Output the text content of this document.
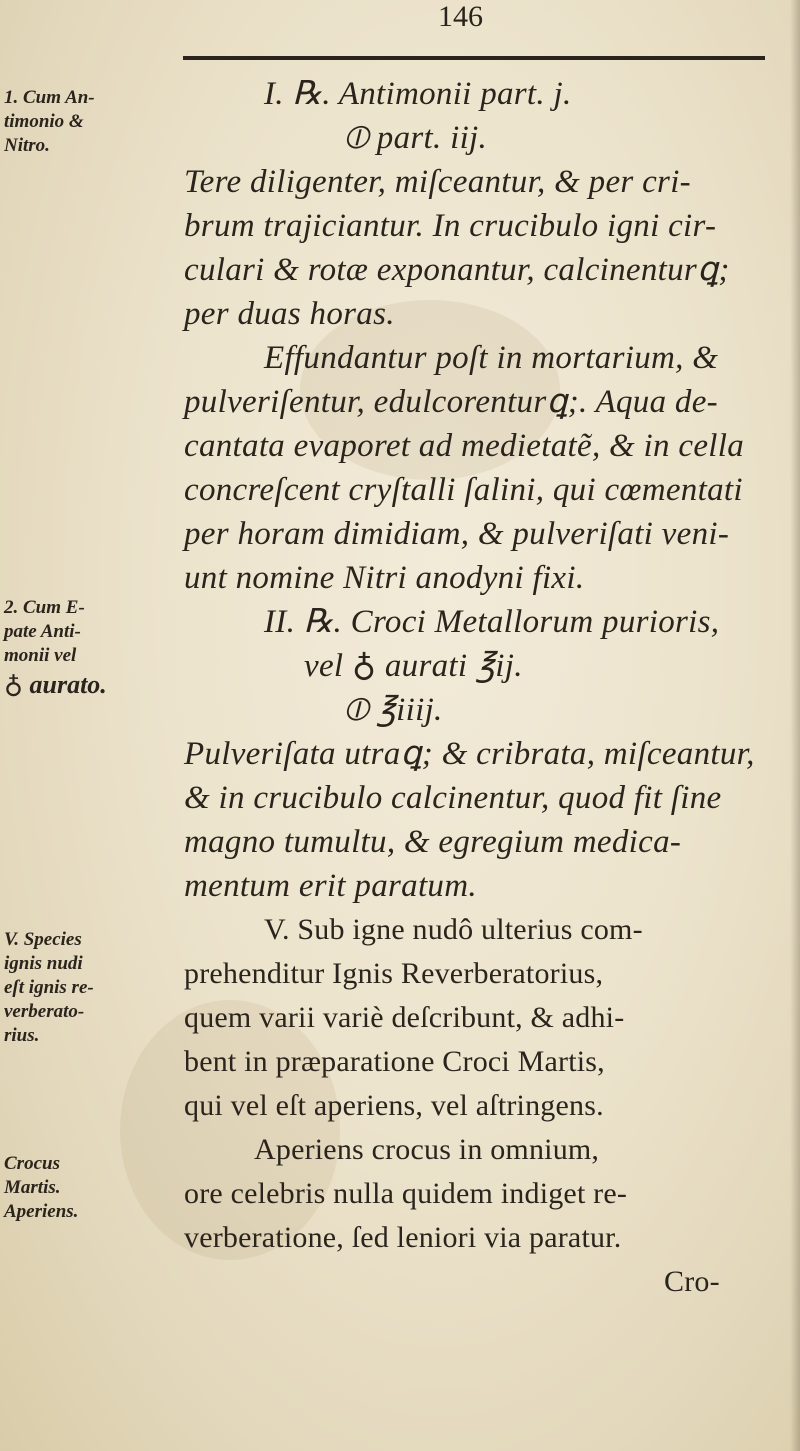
146
I. ℞. Antimonii part. j.
⦶ part. iij.
Tere diligenter, miſceantur, & per cri-
brum trajiciantur. In crucibulo igni cir-
culari & rotæ exponantur, calcinenturꝗ;
per duas horas.
Effundantur poſt in mortarium, &
pulveriſentur, edulcorenturꝗ;. Aqua de-
cantata evaporet ad medietatẽ, & in cella
concreſcent cryſtalli ſalini, qui cœmentati
per horam dimidiam, & pulveriſati veni-
unt nomine Nitri anodyni fixi.
II. ℞. Croci Metallorum purioris,
vel ♁ aurati ℥ij.
⦶ ℥iiij.
Pulveriſata utraꝗ; & cribrata, miſceantur,
& in crucibulo calcinentur, quod fit ſine
magno tumultu, & egregium medica-
mentum erit paratum.
V. Sub igne nudô ulterius com-
prehenditur Ignis Reverberatorius,
quem varii variè deſcribunt, & adhi-
bent in præparatione Croci Martis,
qui vel eſt aperiens, vel aſtringens.
Aperiens crocus in omnium,
ore celebris nulla quidem indiget re-
verberatione, ſed leniori via paratur.
Cro-
1. Cum An-
timonio &
Nitro.
2. Cum E-
pate Anti-
monii vel
♁ aurato.
V. Species
ignis nudi
eſt ignis re-
verberato-
rius.
Crocus
Martis.
Aperiens.
